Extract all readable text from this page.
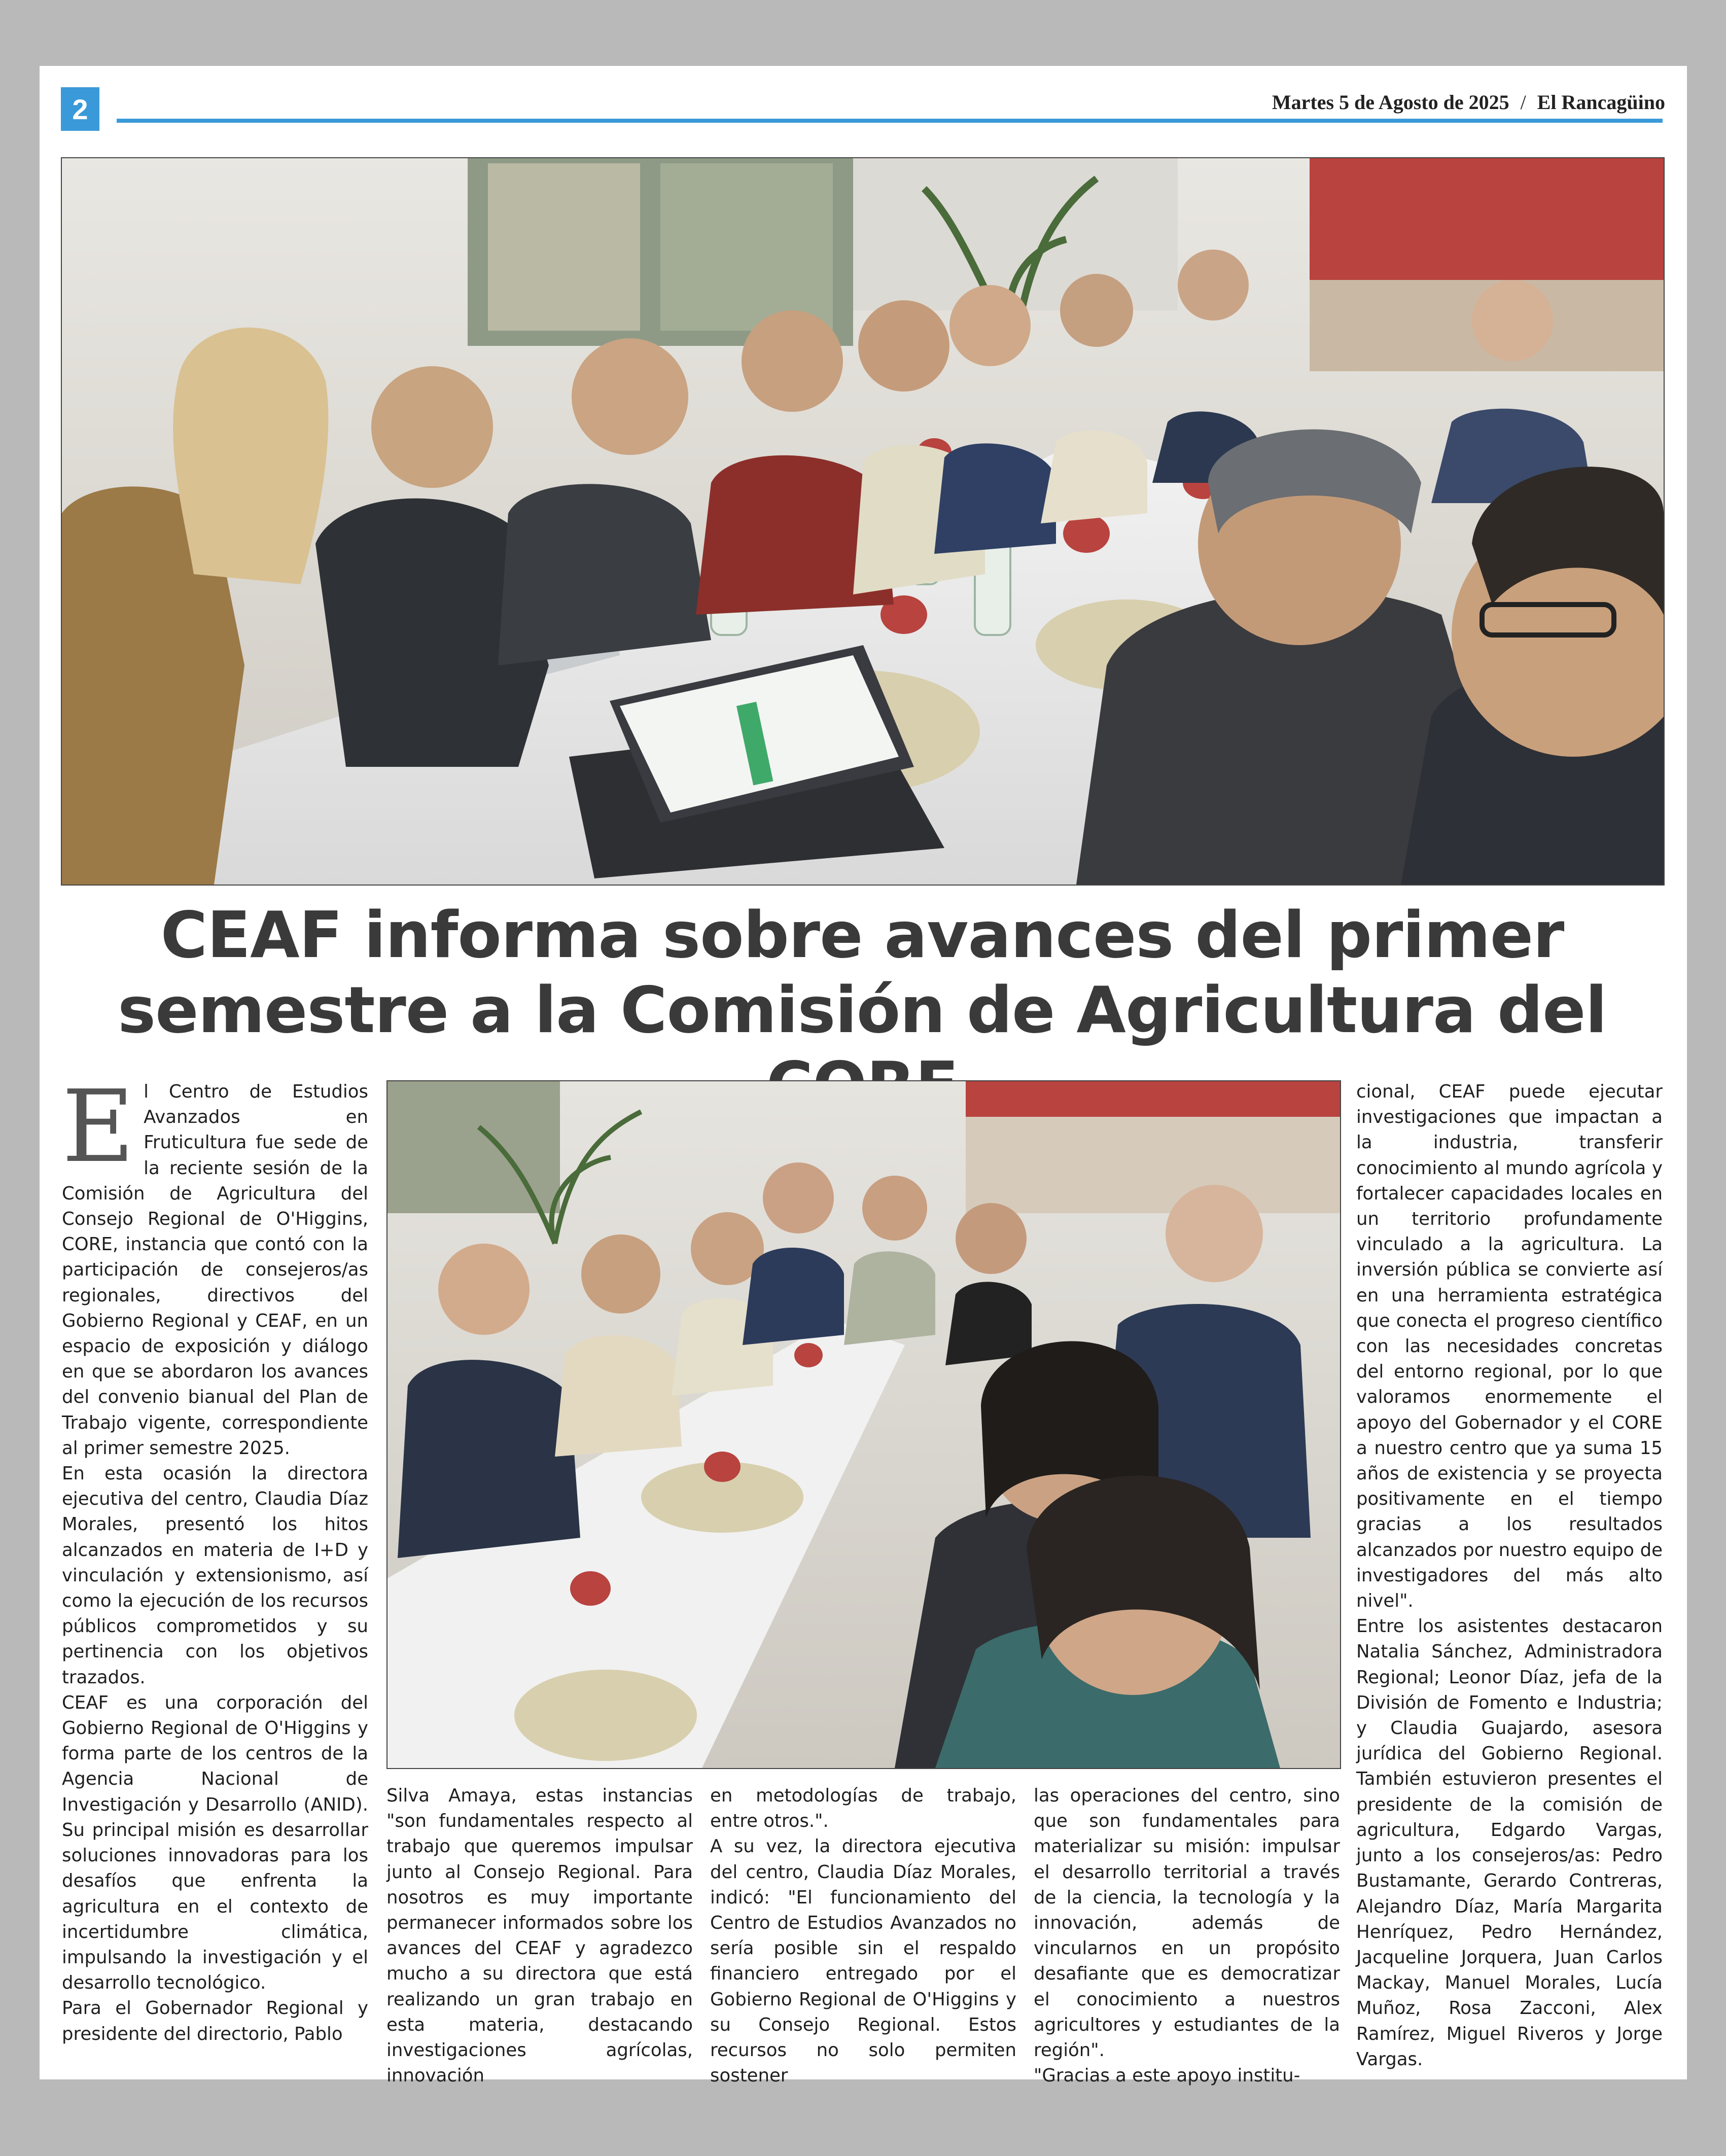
2	Martes 5 de Agosto de 2025 / El Rancagüino
CEAF informa sobre avances del primer
semestre a la Comisión de Agricultura del

El Centro de Estudios Avanzados en Fruticultura fue sede de la reciente sesión de la Comisión de Agricultura del Consejo Regional de O'Higgins, CORE, instancia que contó con la participación de consejeros/as regionales, directivos del Gobierno Regional y CEAF, en un espacio de exposición y diálogo en que se abordaron los avances del convenio bianual del Plan de Trabajo vigente, correspondiente al primer semestre 2025.

En esta ocasión la directora ejecutiva del centro, Claudia Díaz Morales, presentó los hitos alcanzados en materia de I+D y vinculación y extensionismo, así como la ejecución de los recursos públicos comprometidos y su pertinencia con los objetivos trazados.

CEAF es una corporación del Gobierno Regional de O'Higgins y forma parte de los centros de la Agencia Nacional de Investigación y Desarrollo (ANID). Su principal misión es desarrollar soluciones innovadoras para los desafíos que enfrenta la agricultura en el contexto de incertidumbre climática, impulsando la investigación y el desarrollo tecnológico.

Para el Gobernador Regional y presidente del directorio, Pablo

Silva Amaya, estas instancias "son fundamentales respecto al trabajo que queremos impulsar junto al Consejo Regional. Para nosotros es muy importante permanecer informados sobre los avances del CEAF y agradezco mucho a su directora que está realizando un gran trabajo en esta materia, destacando investigaciones agrícolas, innovación

en metodologías de trabajo, entre otros.".

A su vez, la directora ejecutiva del centro, Claudia Díaz Morales, indicó: "El funcionamiento del Centro de Estudios Avanzados no sería posible sin el respaldo financiero entregado por el Gobierno Regional de O'Higgins y su Consejo Regional. Estos recursos no solo permiten sostener

las operaciones del centro, sino que son fundamentales para materializar su misión: impulsar el desarrollo territorial a través de la ciencia, la tecnología y la innovación, además de vincularnos en un propósito desafiante que es democratizar el conocimiento a nuestros agricultores y estudiantes de la región".

"Gracias a este apoyo institu-

cional, CEAF puede ejecutar investigaciones que impactan a la industria, transferir conocimiento al mundo agrícola y fortalecer capacidades locales en un territorio profundamente vinculado a la agricultura. La inversión pública se convierte así en una herramienta estratégica que conecta el progreso científico con las necesidades concretas del entorno regional, por lo que valoramos enormemente el apoyo del Gobernador y el CORE a nuestro centro que ya suma 15 años de existencia y se proyecta positivamente en el tiempo gracias a los resultados alcanzados por nuestro equipo de investigadores del más alto nivel".

Entre los asistentes destacaron Natalia Sánchez, Administradora Regional; Leonor Díaz, jefa de la División de Fomento e Industria; y Claudia Guajardo, asesora jurídica del Gobierno Regional. También estuvieron presentes el presidente de la comisión de agricultura, Edgardo Vargas, junto a los consejeros/as: Pedro Bustamante, Gerardo Contreras, Alejandro Díaz, María Margarita Henríquez, Pedro Hernández, Jacqueline Jorquera, Juan Carlos Mackay, Manuel Morales, Lucía Muñoz, Rosa Zacconi, Alex Ramírez, Miguel Riveros y Jorge Vargas.
